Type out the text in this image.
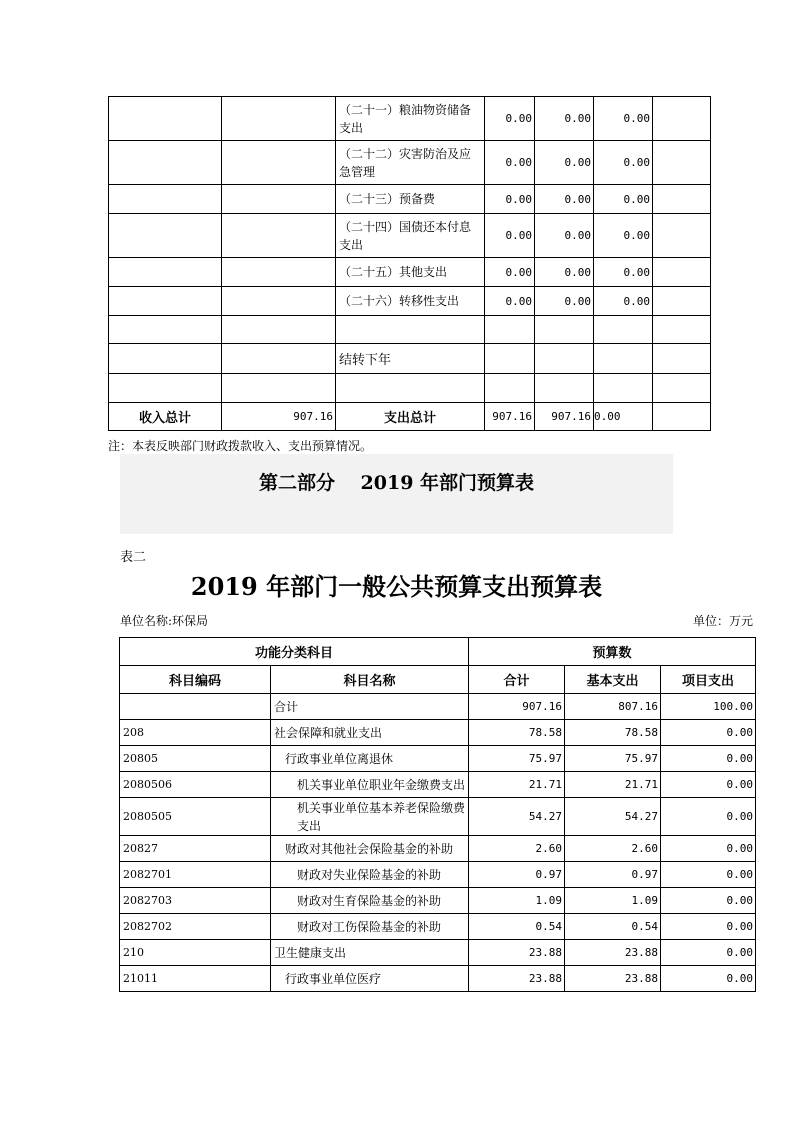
		（二十一）粮油物资储备支出	0.00	0.00	0.00	
		（二十二）灾害防治及应急管理	0.00	0.00	0.00	
		（二十三）预备费	0.00	0.00	0.00	
		（二十四）国债还本付息支出	0.00	0.00	0.00	
		（二十五）其他支出	0.00	0.00	0.00	
		（二十六）转移性支出	0.00	0.00	0.00	

		结转下年				

收入总计	907.16	支出总计	907.16	907.16	0.00	
注：本表反映部门财政拨款收入、支出预算情况。
第二部分　 2019 年部门预算表
表二
2019 年部门一般公共预算支出预算表
单位名称:环保局	单位：万元
功能分类科目		预算数		
科目编码	科目名称	合计	基本支出	项目支出
	合计	907.16	807.16	100.00
208	社会保障和就业支出	78.58	78.58	0.00
20805	行政事业单位离退休	75.97	75.97	0.00
2080506	机关事业单位职业年金缴费支出	21.71	21.71	0.00
2080505	机关事业单位基本养老保险缴费支出	54.27	54.27	0.00
20827	财政对其他社会保险基金的补助	2.60	2.60	0.00
2082701	财政对失业保险基金的补助	0.97	0.97	0.00
2082703	财政对生育保险基金的补助	1.09	1.09	0.00
2082702	财政对工伤保险基金的补助	0.54	0.54	0.00
210	卫生健康支出	23.88	23.88	0.00
21011	行政事业单位医疗	23.88	23.88	0.00
